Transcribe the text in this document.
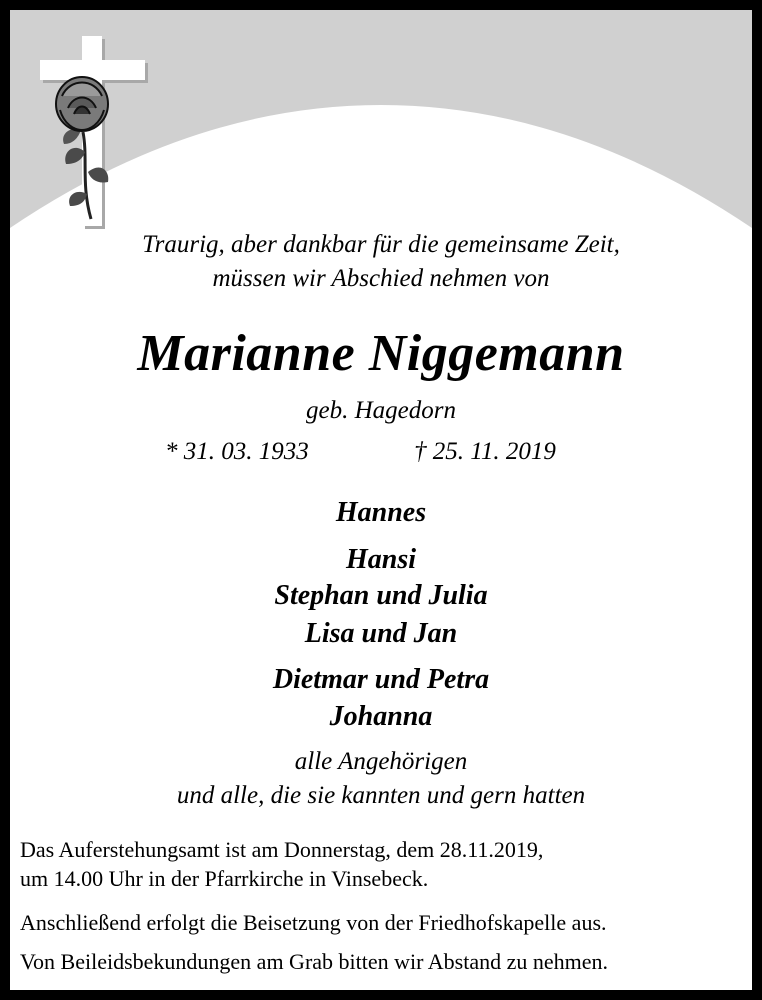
Traurig, aber dankbar für die gemeinsame Zeit,
müssen wir Abschied nehmen von
Marianne Niggemann
geb. Hagedorn
* 31. 03. 1933	† 25. 11. 2019
Hannes
Hansi
Stephan und Julia
Lisa und Jan
Dietmar und Petra
Johanna
alle Angehörigen
und alle, die sie kannten und gern hatten
Das Auferstehungsamt ist am Donnerstag, dem 28.11.2019,
um 14.00 Uhr in der Pfarrkirche in Vinsebeck.
Anschließend erfolgt die Beisetzung von der Friedhofskapelle aus.
Von Beileidsbekundungen am Grab bitten wir Abstand zu nehmen.
